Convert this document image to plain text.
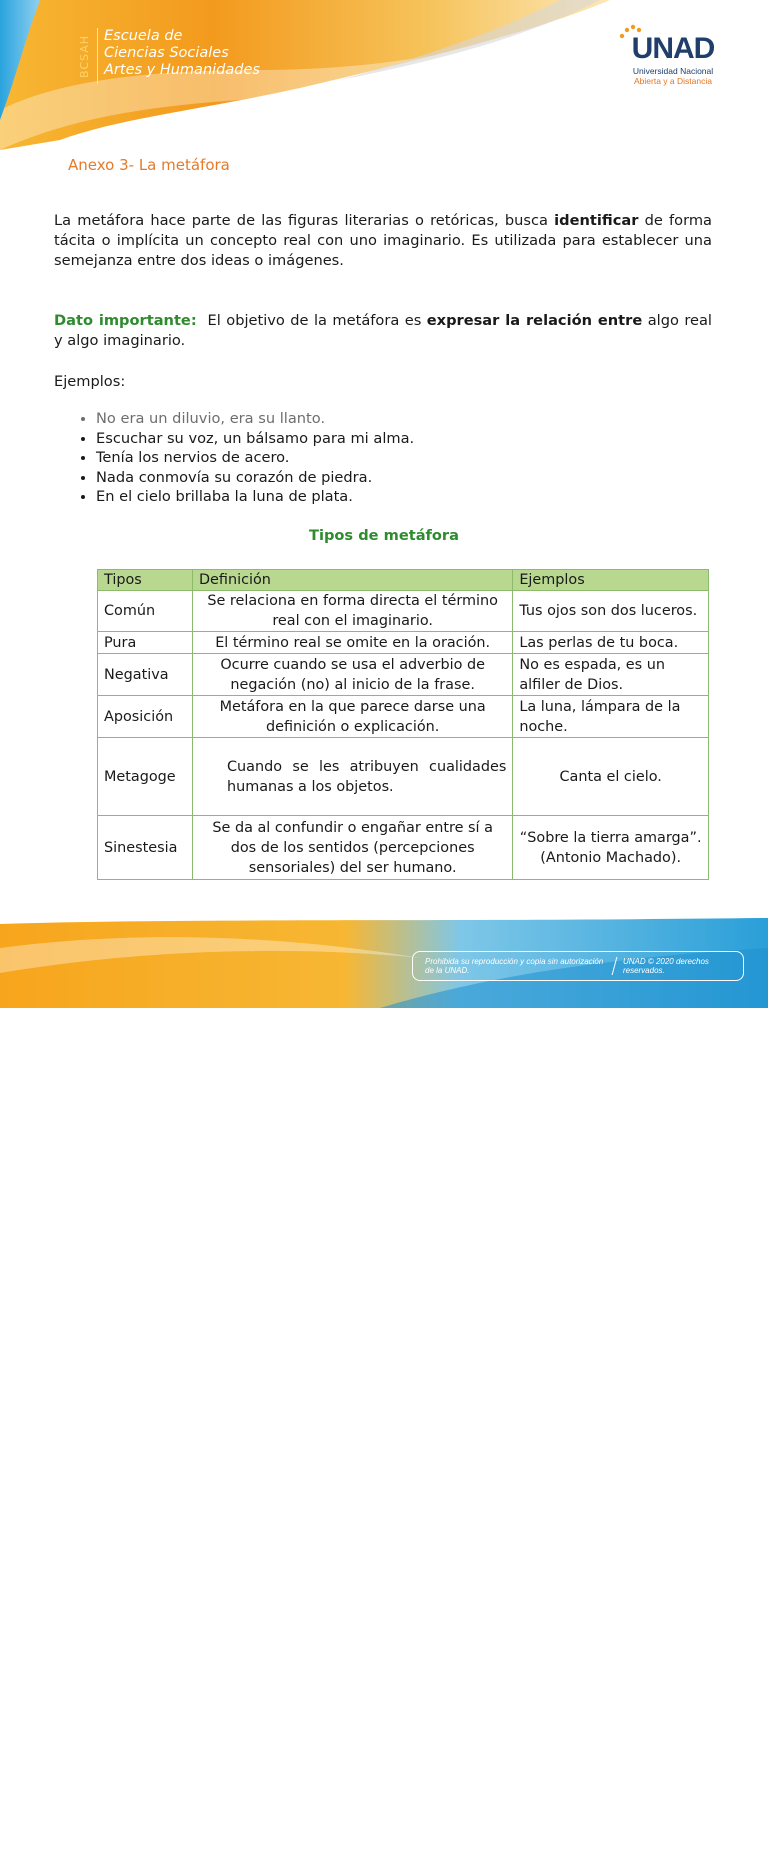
BCSAH Escuela de
Ciencias Sociales
Artes y Humanidades
UNAD
Universidad Nacional
Abierta y a Distancia
Anexo 3- La metáfora
La metáfora hace parte de las figuras literarias o retóricas, busca identificar de forma tácita o implícita un concepto real con uno imaginario. Es utilizada para establecer una semejanza entre dos ideas o imágenes.
Dato importante:  El objetivo de la metáfora es expresar la relación entre algo real y algo imaginario.
Ejemplos:
• No era un diluvio, era su llanto.
• Escuchar su voz, un bálsamo para mi alma.
• Tenía los nervios de acero.
• Nada conmovía su corazón de piedra.
• En el cielo brillaba la luna de plata.
Tipos de metáfora
Tipos	Definición	Ejemplos
Común	Se relaciona en forma directa el término real con el imaginario.	Tus ojos son dos luceros.
Pura	El término real se omite en la oración.	Las perlas de tu boca.
Negativa	Ocurre cuando se usa el adverbio de negación (no) al inicio de la frase.	No es espada, es un alfiler de Dios.
Aposición	Metáfora en la que parece darse una definición o explicación.	La luna, lámpara de la noche.
Metagoge	Cuando se les atribuyen cualidades humanas a los objetos.	Canta el cielo.
Sinestesia	Se da al confundir o engañar entre sí a dos de los sentidos (percepciones sensoriales) del ser humano.	“Sobre la tierra amarga”. (Antonio Machado).
1
Prohibida su reproducción y copia sin autorización de la UNAD.
UNAD © 2020 derechos reservados.
